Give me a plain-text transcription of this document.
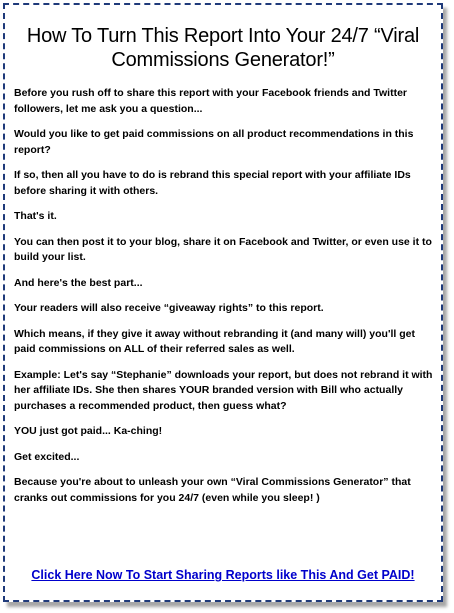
How To Turn This Report Into Your 24/7 “Viral Commissions Generator!”

Before you rush off to share this report with your Facebook friends and Twitter followers, let me ask you a question...

Would you like to get paid commissions on all product recommendations in this report?

If so, then all you have to do is rebrand this special report with your affiliate IDs before sharing it with others.

That's it.

You can then post it to your blog, share it on Facebook and Twitter, or even use it to build your list.

And here's the best part...

Your readers will also receive “giveaway rights” to this report.

Which means, if they give it away without rebranding it (and many will) you'll get paid commissions on ALL of their referred sales as well.

Example: Let's say “Stephanie” downloads your report, but does not rebrand it with her affiliate IDs. She then shares YOUR branded version with Bill who actually purchases a recommended product, then guess what?

YOU just got paid... Ka-ching!

Get excited...

Because you're about to unleash your own “Viral Commissions Generator” that cranks out commissions for you 24/7 (even while you sleep! )

Click Here Now To Start Sharing Reports like This And Get PAID!
